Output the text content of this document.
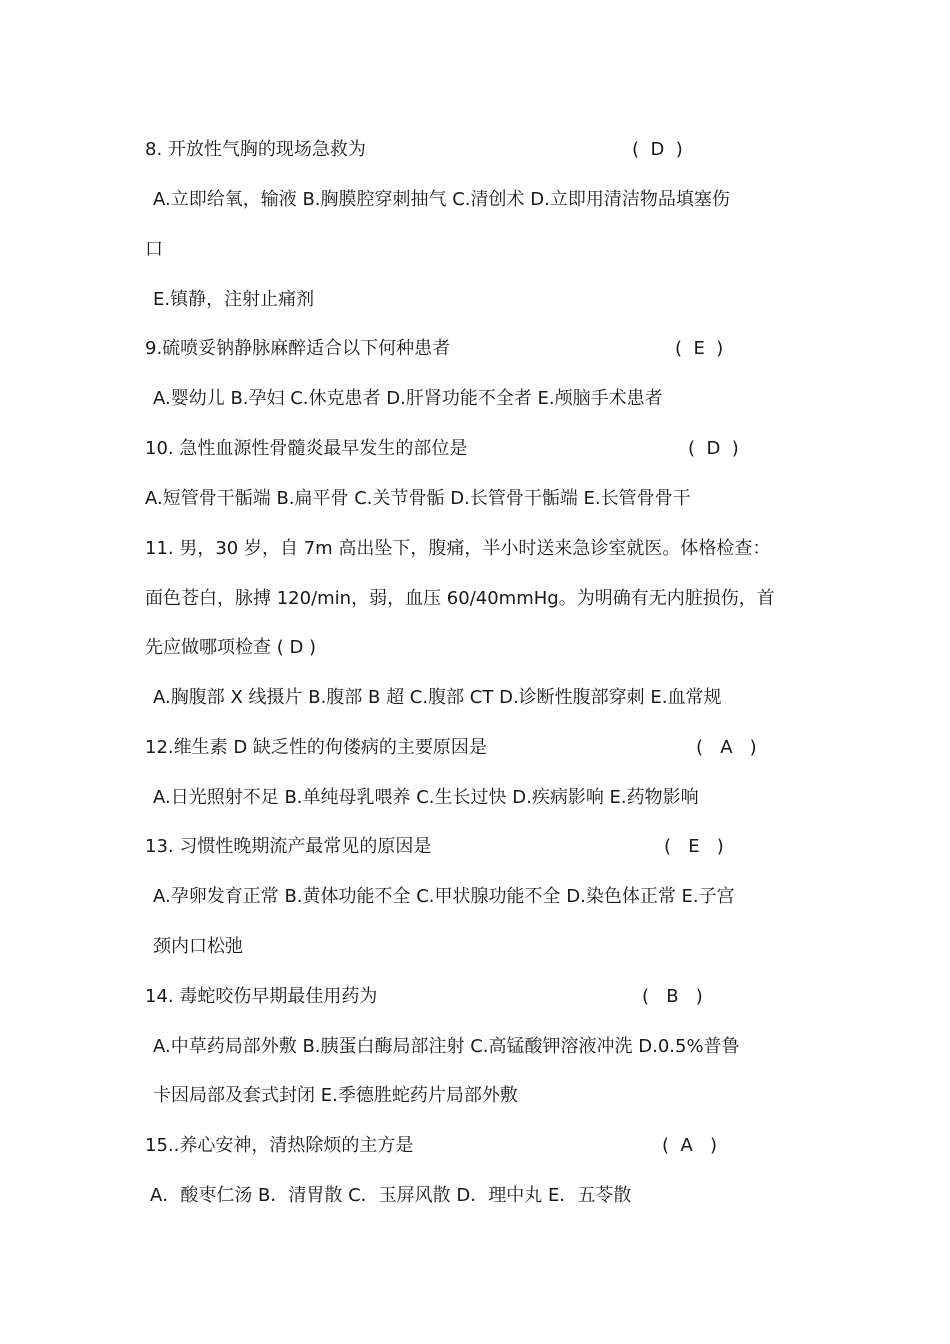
8. 开放性气胸的现场急救为	(  D  )
A.立即给氧，输液 B.胸膜腔穿刺抽气 C.清创术 D.立即用清洁物品填塞伤
口
E.镇静，注射止痛剂
9.硫喷妥钠静脉麻醉适合以下何种患者	(  E  )
A.婴幼儿 B.孕妇 C.休克患者 D.肝肾功能不全者 E.颅脑手术患者
10. 急性血源性骨髓炎最早发生的部位是	(  D  )
A.短管骨干骺端 B.扁平骨 C.关节骨骺 D.长管骨干骺端 E.长管骨骨干
11. 男，30 岁，自 7m 高出坠下，腹痛，半小时送来急诊室就医。体格检查：
面色苍白，脉搏 120/min，弱，血压 60/40mmHg。为明确有无内脏损伤，首
先应做哪项检查 ( D )
A.胸腹部 X 线摄片 B.腹部 B 超 C.腹部 CT D.诊断性腹部穿刺 E.血常规
12.维生素 D 缺乏性的佝偻病的主要原因是	(   A   )
A.日光照射不足 B.单纯母乳喂养 C.生长过快 D.疾病影响 E.药物影响
13. 习惯性晚期流产最常见的原因是	(   E   )
A.孕卵发育正常 B.黄体功能不全 C.甲状腺功能不全 D.染色体正常 E.子宫
颈内口松弛
14. 毒蛇咬伤早期最佳用药为	(   B   )
A.中草药局部外敷 B.胰蛋白酶局部注射 C.高锰酸钾溶液冲洗 D.0.5%普鲁
卡因局部及套式封闭 E.季德胜蛇药片局部外敷
15..养心安神，清热除烦的主方是	(  A   )
A．酸枣仁汤 B．清胃散 C．玉屏风散 D．理中丸 E．五苓散
